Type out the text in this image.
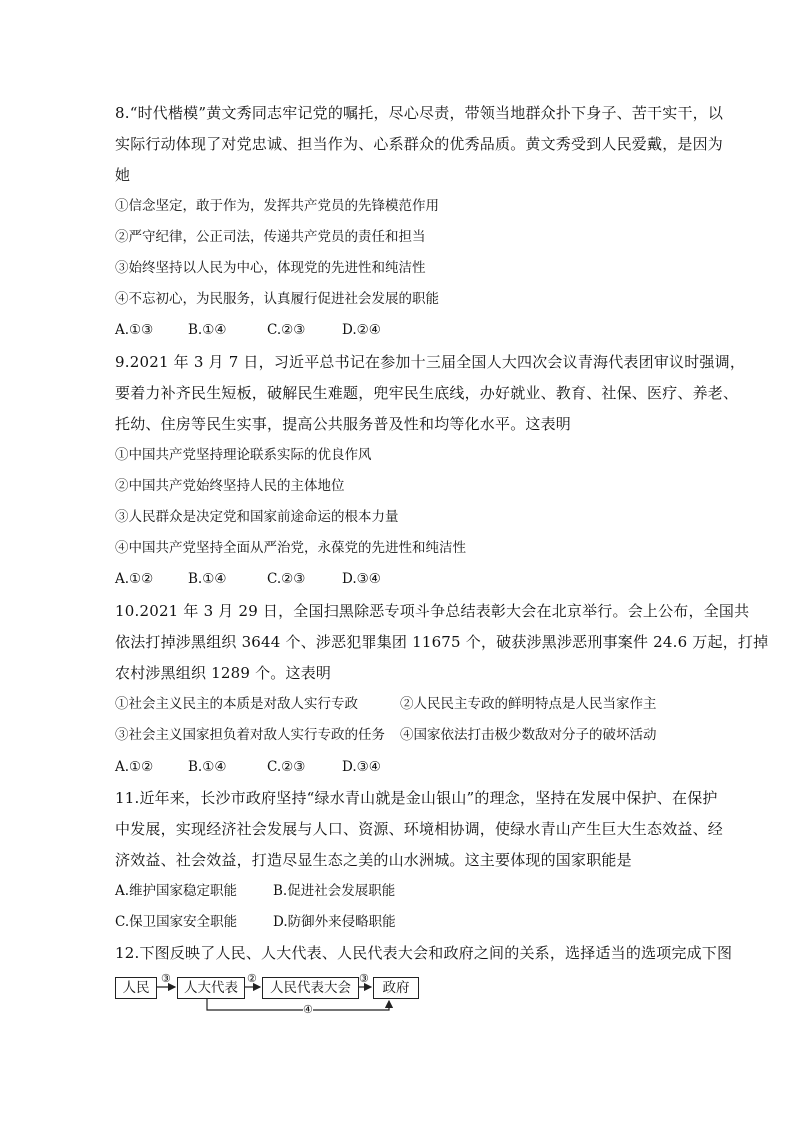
8.“时代楷模”黄文秀同志牢记党的嘱托，尽心尽责，带领当地群众扑下身子、苦干实干，以
实际行动体现了对党忠诚、担当作为、心系群众的优秀品质。黄文秀受到人民爱戴，是因为
她
①信念坚定，敢于作为，发挥共产党员的先锋模范作用
②严守纪律，公正司法，传递共产党员的责任和担当
③始终坚持以人民为中心，体现党的先进性和纯洁性
④不忘初心，为民服务，认真履行促进社会发展的职能
A.①③	B.①④	C.②③	D.②④
9.2021 年 3 月 7 日，习近平总书记在参加十三届全国人大四次会议青海代表团审议时强调，
要着力补齐民生短板，破解民生难题，兜牢民生底线，办好就业、教育、社保、医疗、养老、
托幼、住房等民生实事，提高公共服务普及性和均等化水平。这表明
①中国共产党坚持理论联系实际的优良作风
②中国共产党始终坚持人民的主体地位
③人民群众是决定党和国家前途命运的根本力量
④中国共产党坚持全面从严治党，永葆党的先进性和纯洁性
A.①②	B.①④	C.②③	D.③④
10.2021 年 3 月 29 日，全国扫黑除恶专项斗争总结表彰大会在北京举行。会上公布，全国共
依法打掉涉黑组织 3644 个、涉恶犯罪集团 11675 个，破获涉黑涉恶刑事案件 24.6 万起，打掉
农村涉黑组织 1289 个。这表明
①社会主义民主的本质是对敌人实行专政	②人民民主专政的鲜明特点是人民当家作主
③社会主义国家担负着对敌人实行专政的任务 ④国家依法打击极少数敌对分子的破坏活动
A.①②	B.①④	C.②③	D.③④
11.近年来，长沙市政府坚持“绿水青山就是金山银山”的理念，坚持在发展中保护、在保护
中发展，实现经济社会发展与人口、资源、环境相协调，使绿水青山产生巨大生态效益、经
济效益、社会效益，打造尽显生态之美的山水洲城。这主要体现的国家职能是
A.维护国家稳定职能	B.促进社会发展职能
C.保卫国家安全职能	D.防御外来侵略职能
12.下图反映了人民、人大代表、人民代表大会和政府之间的关系，选择适当的选项完成下图
人民	人大代表	人民代表大会	政府
③	②	③
④
